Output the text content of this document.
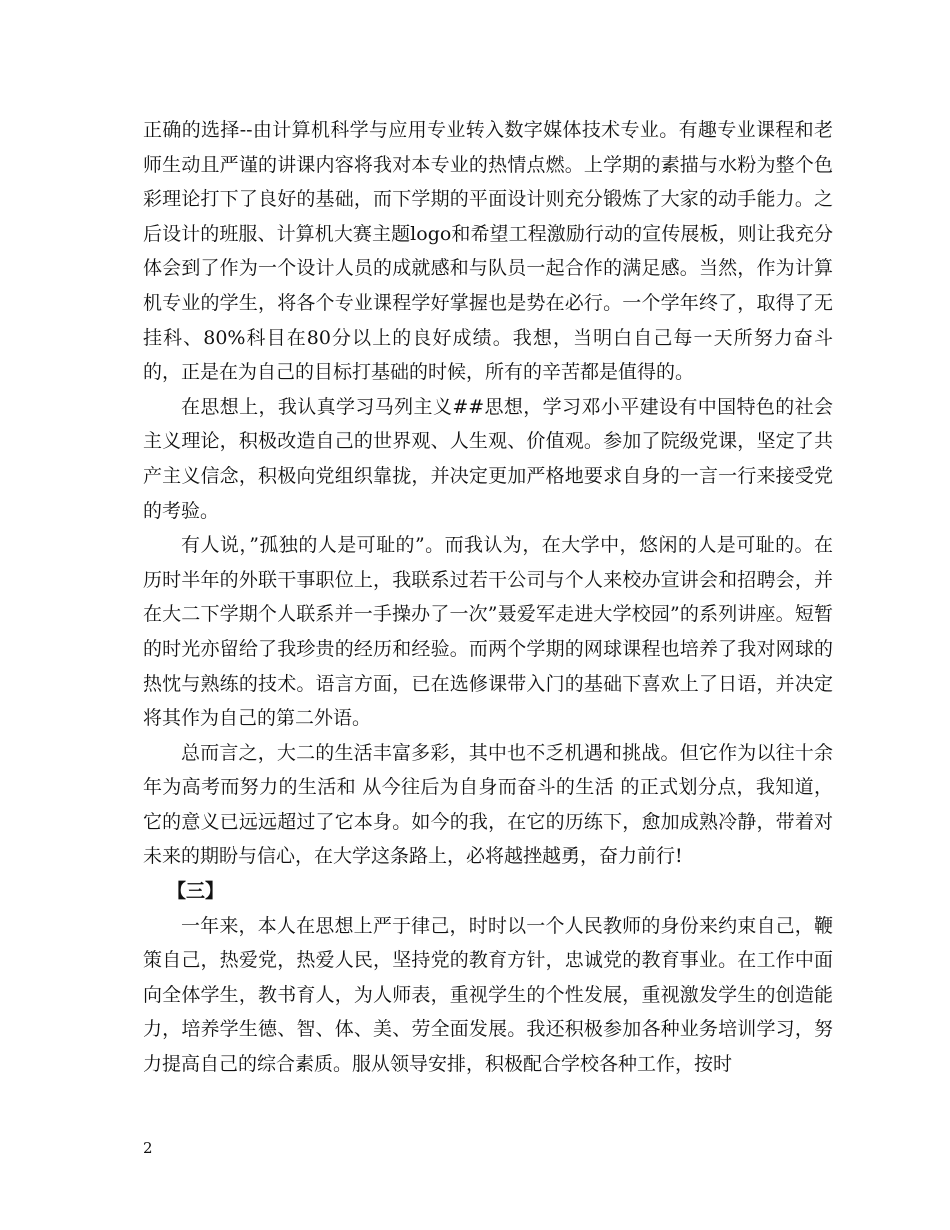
正确的选择--由计算机科学与应用专业转入数字媒体技术专业。有趣专业课程和老师生动且严谨的讲课内容将我对本专业的热情点燃。上学期的素描与水粉为整个色彩理论打下了良好的基础，而下学期的平面设计则充分锻炼了大家的动手能力。之后设计的班服、计算机大赛主题logo和希望工程激励行动的宣传展板，则让我充分体会到了作为一个设计人员的成就感和与队员一起合作的满足感。当然，作为计算机专业的学生，将各个专业课程学好掌握也是势在必行。一个学年终了，取得了无挂科、80%科目在80分以上的良好成绩。我想，当明白自己每一天所努力奋斗的，正是在为自己的目标打基础的时候，所有的辛苦都是值得的。

在思想上，我认真学习马列主义##思想，学习邓小平建设有中国特色的社会主义理论，积极改造自己的世界观、人生观、价值观。参加了院级党课，坚定了共产主义信念，积极向党组织靠拢，并决定更加严格地要求自身的一言一行来接受党的考验。

有人说，”孤独的人是可耻的”。而我认为，在大学中，悠闲的人是可耻的。在历时半年的外联干事职位上，我联系过若干公司与个人来校办宣讲会和招聘会，并在大二下学期个人联系并一手操办了一次”聂爱军走进大学校园”的系列讲座。短暂的时光亦留给了我珍贵的经历和经验。而两个学期的网球课程也培养了我对网球的热忱与熟练的技术。语言方面，已在选修课带入门的基础下喜欢上了日语，并决定将其作为自己的第二外语。

总而言之，大二的生活丰富多彩，其中也不乏机遇和挑战。但它作为以往十余年为高考而努力的生活和 从今往后为自身而奋斗的生活 的正式划分点，我知道，它的意义已远远超过了它本身。如今的我，在它的历练下，愈加成熟冷静，带着对未来的期盼与信心，在大学这条路上，必将越挫越勇，奋力前行!

【三】

一年来，本人在思想上严于律己，时时以一个人民教师的身份来约束自己，鞭策自己，热爱党，热爱人民，坚持党的教育方针，忠诚党的教育事业。在工作中面向全体学生，教书育人，为人师表，重视学生的个性发展，重视激发学生的创造能力，培养学生德、智、体、美、劳全面发展。我还积极参加各种业务培训学习，努力提高自己的综合素质。服从领导安排，积极配合学校各种工作，按时

2
